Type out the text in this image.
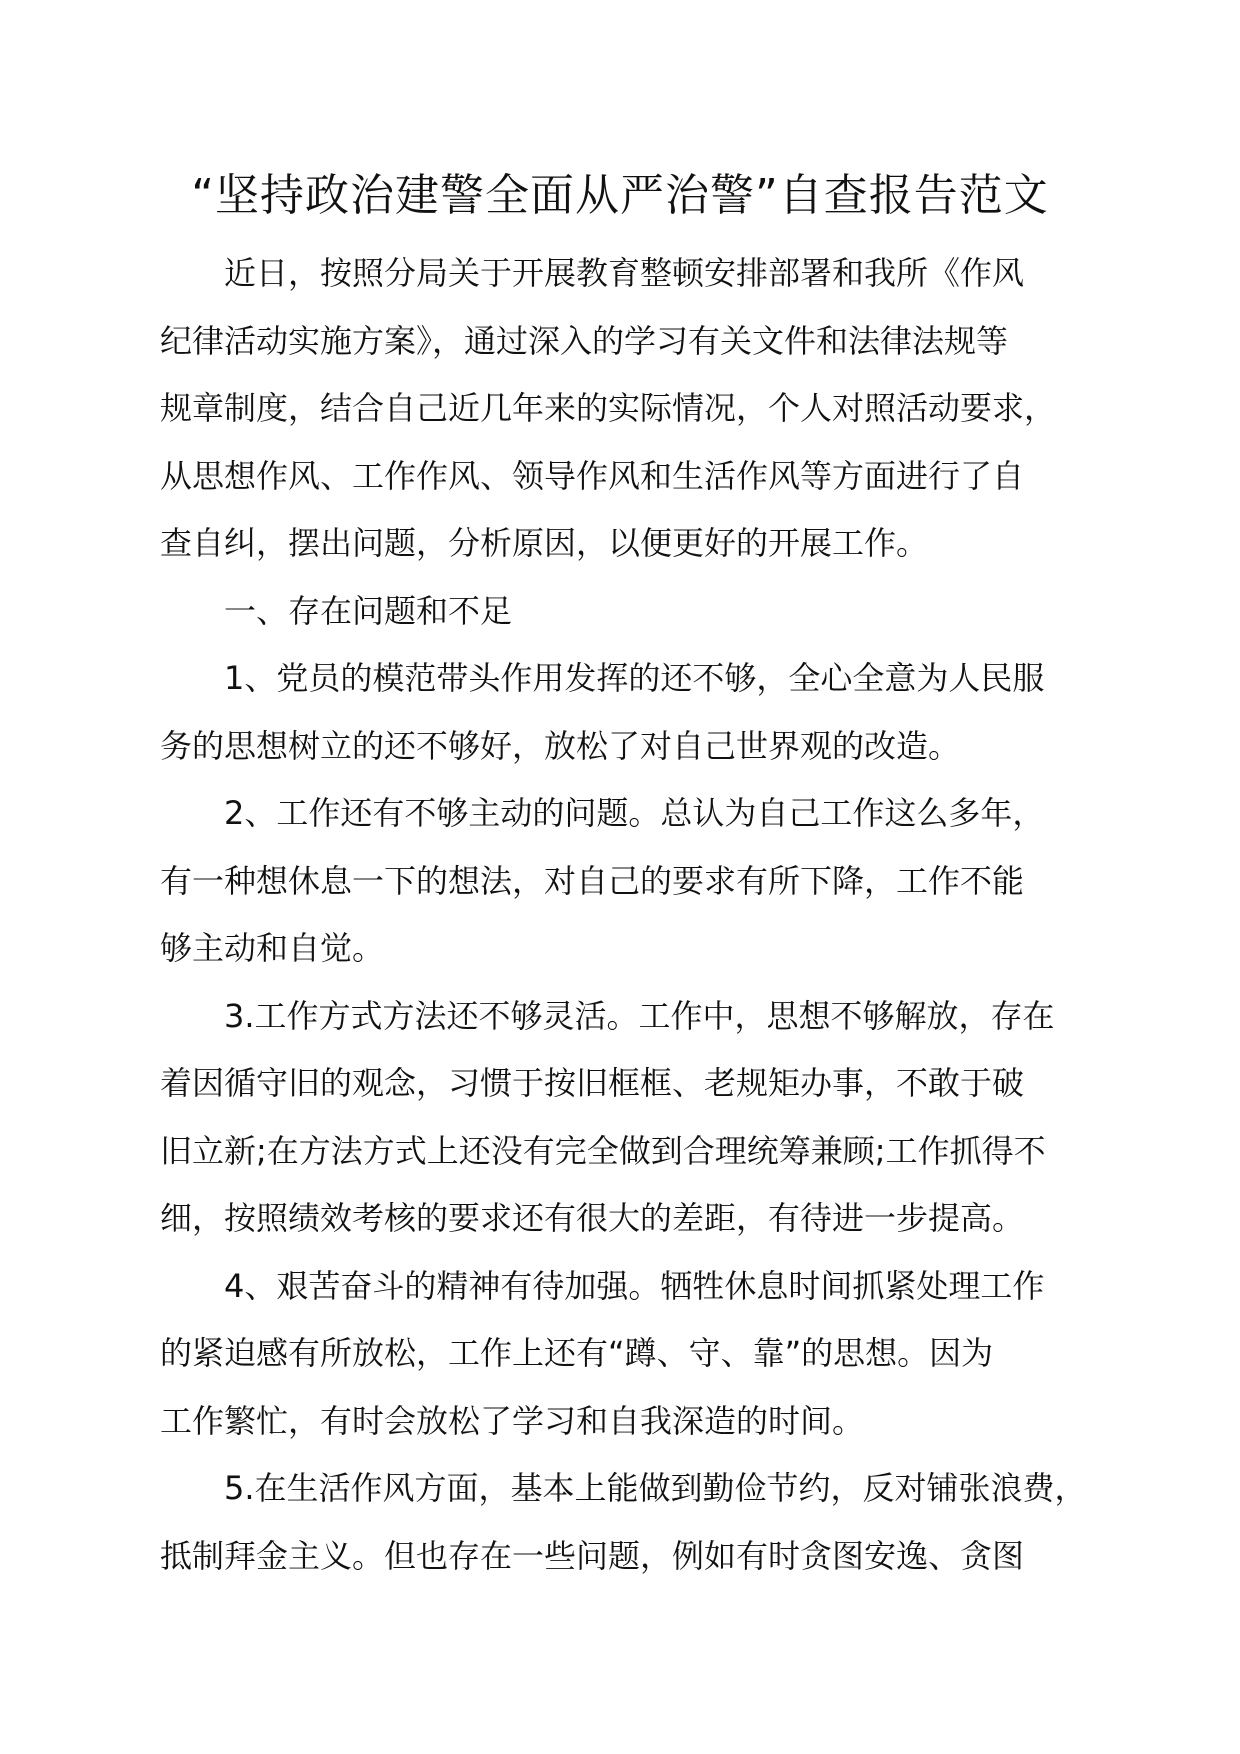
“坚持政治建警全面从严治警”自查报告范文
近日，按照分局关于开展教育整顿安排部署和我所《作风
纪律活动实施方案》，通过深入的学习有关文件和法律法规等
规章制度，结合自己近几年来的实际情况，个人对照活动要求，
从思想作风、工作作风、领导作风和生活作风等方面进行了自
查自纠，摆出问题，分析原因，以便更好的开展工作。
一、存在问题和不足
1、党员的模范带头作用发挥的还不够，全心全意为人民服
务的思想树立的还不够好，放松了对自己世界观的改造。
2、工作还有不够主动的问题。总认为自己工作这么多年，
有一种想休息一下的想法，对自己的要求有所下降，工作不能
够主动和自觉。
3.工作方式方法还不够灵活。工作中，思想不够解放，存在
着因循守旧的观念，习惯于按旧框框、老规矩办事，不敢于破
旧立新;在方法方式上还没有完全做到合理统筹兼顾;工作抓得不
细，按照绩效考核的要求还有很大的差距，有待进一步提高。
4、艰苦奋斗的精神有待加强。牺牲休息时间抓紧处理工作
的紧迫感有所放松，工作上还有“蹲、守、靠”的思想。因为
工作繁忙，有时会放松了学习和自我深造的时间。
5.在生活作风方面，基本上能做到勤俭节约，反对铺张浪费，
抵制拜金主义。但也存在一些问题，例如有时贪图安逸、贪图
